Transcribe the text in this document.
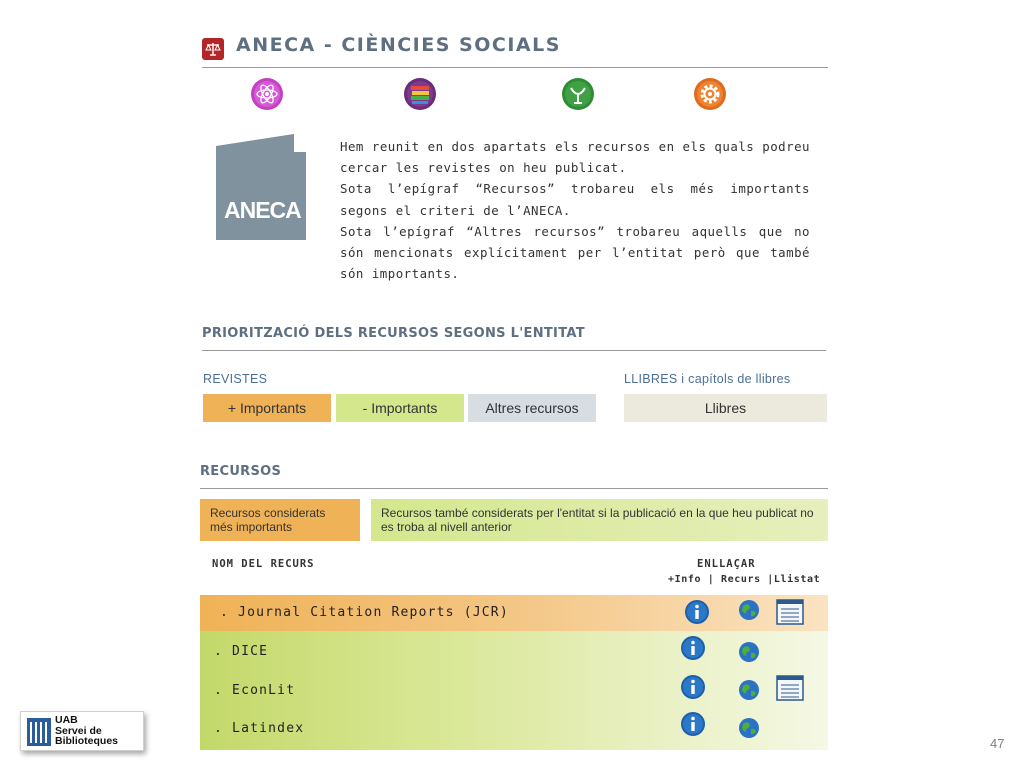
ANECA - CIÈNCIES SOCIALS
ANECA
Hem reunit en dos apartats els recursos en els quals podreu cercar les revistes on heu publicat.
Sota l’epígraf “Recursos” trobareu els més importants segons el criteri de l’ANECA.
Sota l’epígraf “Altres recursos” trobareu aquells que no són mencionats explícitament per l’entitat però que també són importants.
PRIORITZACIÓ DELS RECURSOS SEGONS L'ENTITAT
REVISTES	LLIBRES i capítols de llibres
+ Importants	- Importants	Altres recursos	Llibres
RECURSOS
Recursos considerats més importants
Recursos també considerats per l'entitat si la publicació en la que heu publicat no es troba al nivell anterior
NOM DEL RECURS	ENLLAÇAR
+Info | Recurs |Llistat
. Journal Citation Reports (JCR)
. DICE
. EconLit
. Latindex
UAB
Servei de
Biblioteques	47
